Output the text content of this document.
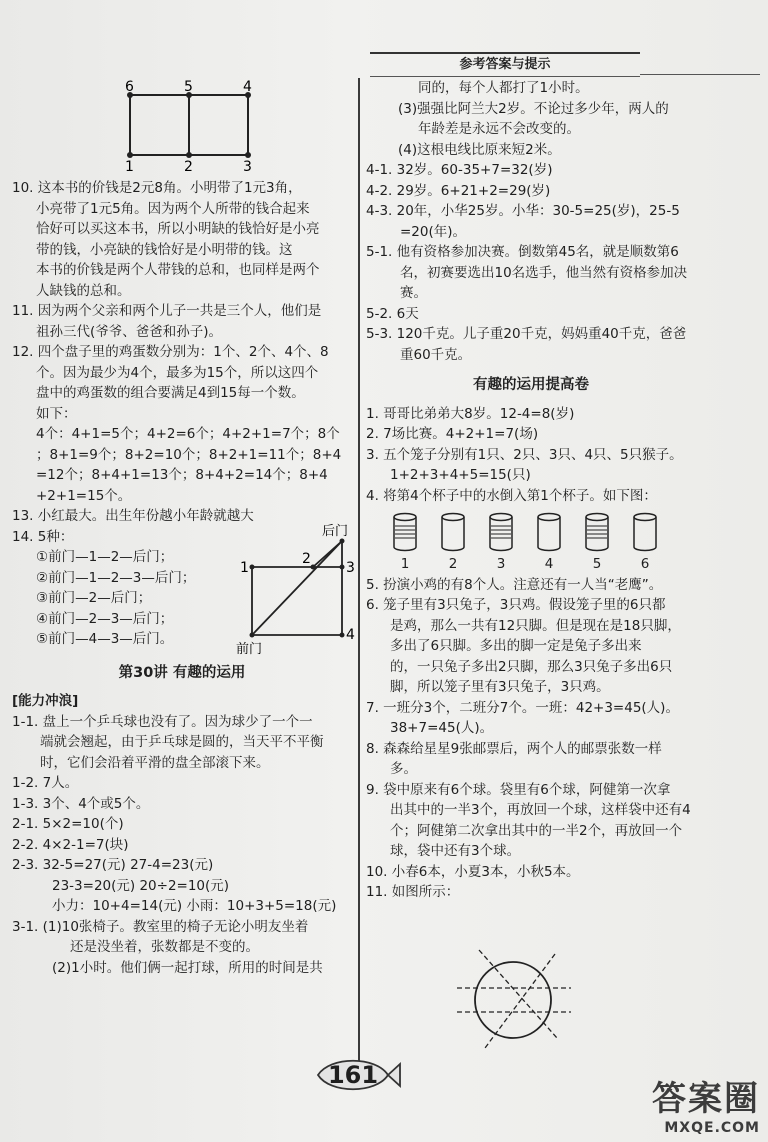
参考答案与提示
6	5	4
1	2	3

10. 这本书的价钱是2元8角。小明带了1元3角，

小亮带了1元5角。因为两个人所带的钱合起来

恰好可以买这本书，所以小明缺的钱恰好是小亮

带的钱，小亮缺的钱恰好是小明带的钱。这

本书的价钱是两个人带钱的总和，也同样是两个

人缺钱的总和。

11. 因为两个父亲和两个儿子一共是三个人，他们是

祖孙三代(爷爷、爸爸和孙子)。

12. 四个盘子里的鸡蛋数分别为：1个、2个、4个、8

个。因为最少为4个，最多为15个，所以这四个

盘中的鸡蛋数的组合要满足4到15每一个数。

如下：

4个：4+1=5个；4+2=6个；4+2+1=7个；8个

；8+1=9个；8+2=10个；8+2+1=11个；8+4

=12个；8+4+1=13个；8+4+2=14个；8+4

+2+1=15个。

13. 小红最大。出生年份越小年龄就越大

14. 5种：

①前门—1—2—后门；

②前门—1—2—3—后门；

③前门—2—后门；

④前门—2—3—后门；

⑤前门—4—3—后门。

后门
前门
1
2
3
4
第30讲 有趣的运用

[能力冲浪]

1-1. 盘上一个乒乓球也没有了。因为球少了一个一

端就会翘起，由于乒乓球是圆的，当天平不平衡

时，它们会沿着平滑的盘全部滚下来。

1-2. 7人。

1-3. 3个、4个或5个。

2-1. 5×2=10(个)

2-2. 4×2-1=7(块)

2-3. 32-5=27(元) 27-4=23(元)

23-3=20(元) 20÷2=10(元)

小力：10+4=14(元) 小雨：10+3+5=18(元)

3-1. (1)10张椅子。教室里的椅子无论小明友坐着

还是没坐着，张数都是不变的。

(2)1小时。他们俩一起打球，所用的时间是共

同的，每个人都打了1小时。

(3)强强比阿兰大2岁。不论过多少年，两人的

年龄差是永远不会改变的。

(4)这根电线比原来短2米。

4-1. 32岁。60-35+7=32(岁)

4-2. 29岁。6+21+2=29(岁)

4-3. 20年，小华25岁。小华：30-5=25(岁)，25-5

=20(年)。

5-1. 他有资格参加决赛。倒数第45名，就是顺数第6

名，初赛要选出10名选手，他当然有资格参加决

赛。

5-2. 6天

5-3. 120千克。儿子重20千克，妈妈重40千克，爸爸

重60千克。

有趣的运用提高卷

1. 哥哥比弟弟大8岁。12-4=8(岁)

2. 7场比赛。4+2+1=7(场)

3. 五个笼子分别有1只、2只、3只、4只、5只猴子。

1+2+3+4+5=15(只)

4. 将第4个杯子中的水倒入第1个杯子。如下图：

1	2	3	4	5	6

5. 扮演小鸡的有8个人。注意还有一人当“老鹰”。

6. 笼子里有3只兔子，3只鸡。假设笼子里的6只都

是鸡，那么一共有12只脚。但是现在是18只脚，

多出了6只脚。多出的脚一定是兔子多出来

的，一只兔子多出2只脚，那么3只兔子多出6只

脚，所以笼子里有3只兔子，3只鸡。

7. 一班分3个，二班分7个。一班：42+3=45(人)。

38+7=45(人)。

8. 森森给星星9张邮票后，两个人的邮票张数一样

多。

9. 袋中原来有6个球。袋里有6个球，阿健第一次拿

出其中的一半3个，再放回一个球，这样袋中还有4

个；阿健第二次拿出其中的一半2个，再放回一个

球，袋中还有3个球。

10. 小春6本，小夏3本，小秋5本。

11. 如图所示：

161
答案圈
MXQE.COM
